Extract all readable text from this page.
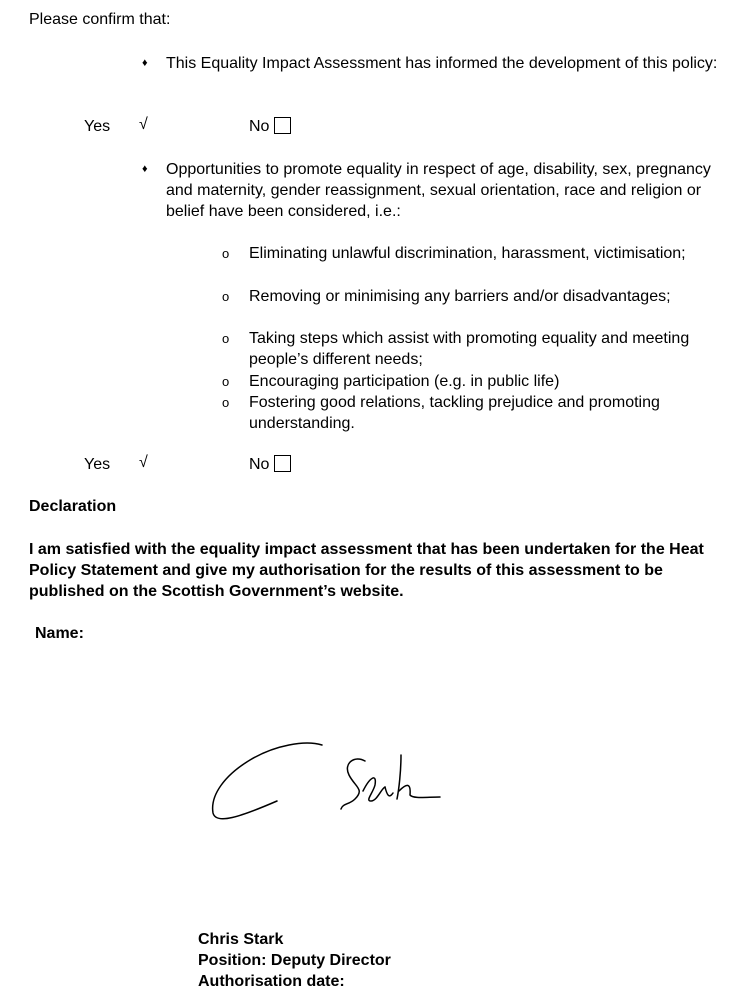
Please confirm that:
♦ This Equality Impact Assessment has informed the development of this policy:
Yes √	No
♦ Opportunities to promote equality in respect of age, disability, sex, pregnancy and maternity, gender reassignment, sexual orientation, race and religion or belief have been considered, i.e.:
o Eliminating unlawful discrimination, harassment, victimisation;
o Removing or minimising any barriers and/or disadvantages;
o Taking steps which assist with promoting equality and meeting people’s different needs;
o Encouraging participation (e.g. in public life)
o Fostering good relations, tackling prejudice and promoting understanding.
Yes √	No
Declaration
I am satisfied with the equality impact assessment that has been undertaken for the Heat Policy Statement and give my authorisation for the results of this assessment to be published on the Scottish Government’s website.
Name:
Chris Stark
Position: Deputy Director
Authorisation date:
